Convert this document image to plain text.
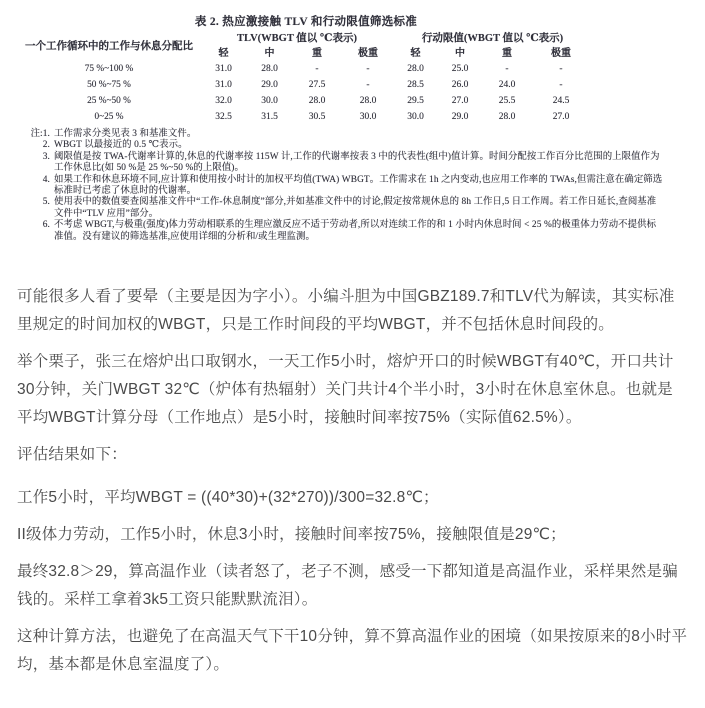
表 2. 热应激接触 TLV 和行动限值筛选标准
一个工作循环中的工作与休息分配比	TLV(WBGT 值以 ℃表示)				行动限值(WBGT 值以 ℃表示)			
	轻	中	重	极重	轻	中	重	极重
75 %~100 %	31.0	28.0	-	-	28.0	25.0	-	-
50 %~75 %	31.0	29.0	27.5	-	28.5	26.0	24.0	-
25 %~50 %	32.0	30.0	28.0	28.0	29.5	27.0	25.5	24.5
0~25 %	32.5	31.5	30.5	30.0	30.0	29.0	28.0	27.0
注:1. 工作需求分类见表 3 和基准文件。
2. WBGT 以最接近的 0.5 ℃表示。
3. 阈限值是按 TWA-代谢率计算的,休息的代谢率按 115W 计,工作的代谢率按表 3 中的代表性(组中)值计算。时间分配按工作百分比范围的上限值作为工作休息比(如 50 %是 25 %~50 %的上限值)。
4. 如果工作和休息环境不同,应计算和使用按小时计的加权平均值(TWA) WBGT。工作需求在 1h 之内变动,也应用工作率的 TWAs,但需注意在确定筛选标准时已考虑了休息时的代谢率。
5. 使用表中的数值要查阅基准文件中“工作-休息制度”部分,并如基准文件中的讨论,假定按常规休息的 8h 工作日,5 日工作周。若工作日延长,查阅基准文件中“TLV 应用”部分。
6. 不考虑 WBGT,与极重(强度)体力劳动相联系的生理应激反应不适于劳动者,所以对连续工作的和 1 小时内休息时间 < 25 %的极重体力劳动不提供标准值。没有建议的筛选基准,应使用详细的分析和/或生理监测。

可能很多人看了要晕（主要是因为字小）。小编斗胆为中国GBZ189.7和TLV代为解读，其实标准里规定的时间加权的WBGT，只是工作时间段的平均WBGT，并不包括休息时间段的。

举个栗子，张三在熔炉出口取钢水，一天工作5小时，熔炉开口的时候WBGT有40℃，开口共计30分钟，关门WBGT 32℃（炉体有热辐射）关门共计4个半小时，3小时在休息室休息。也就是平均WBGT计算分母（工作地点）是5小时，接触时间率按75%（实际值62.5%）。

评估结果如下：

工作5小时，平均WBGT = ((40*30)+(32*270))/300=32.8℃；

II级体力劳动，工作5小时，休息3小时，接触时间率按75%，接触限值是29℃；

最终32.8＞29，算高温作业（读者怒了，老子不测，感受一下都知道是高温作业，采样果然是骗钱的。采样工拿着3k5工资只能默默流泪）。

这种计算方法，也避免了在高温天气下干10分钟，算不算高温作业的困境（如果按原来的8小时平均，基本都是休息室温度了）。
